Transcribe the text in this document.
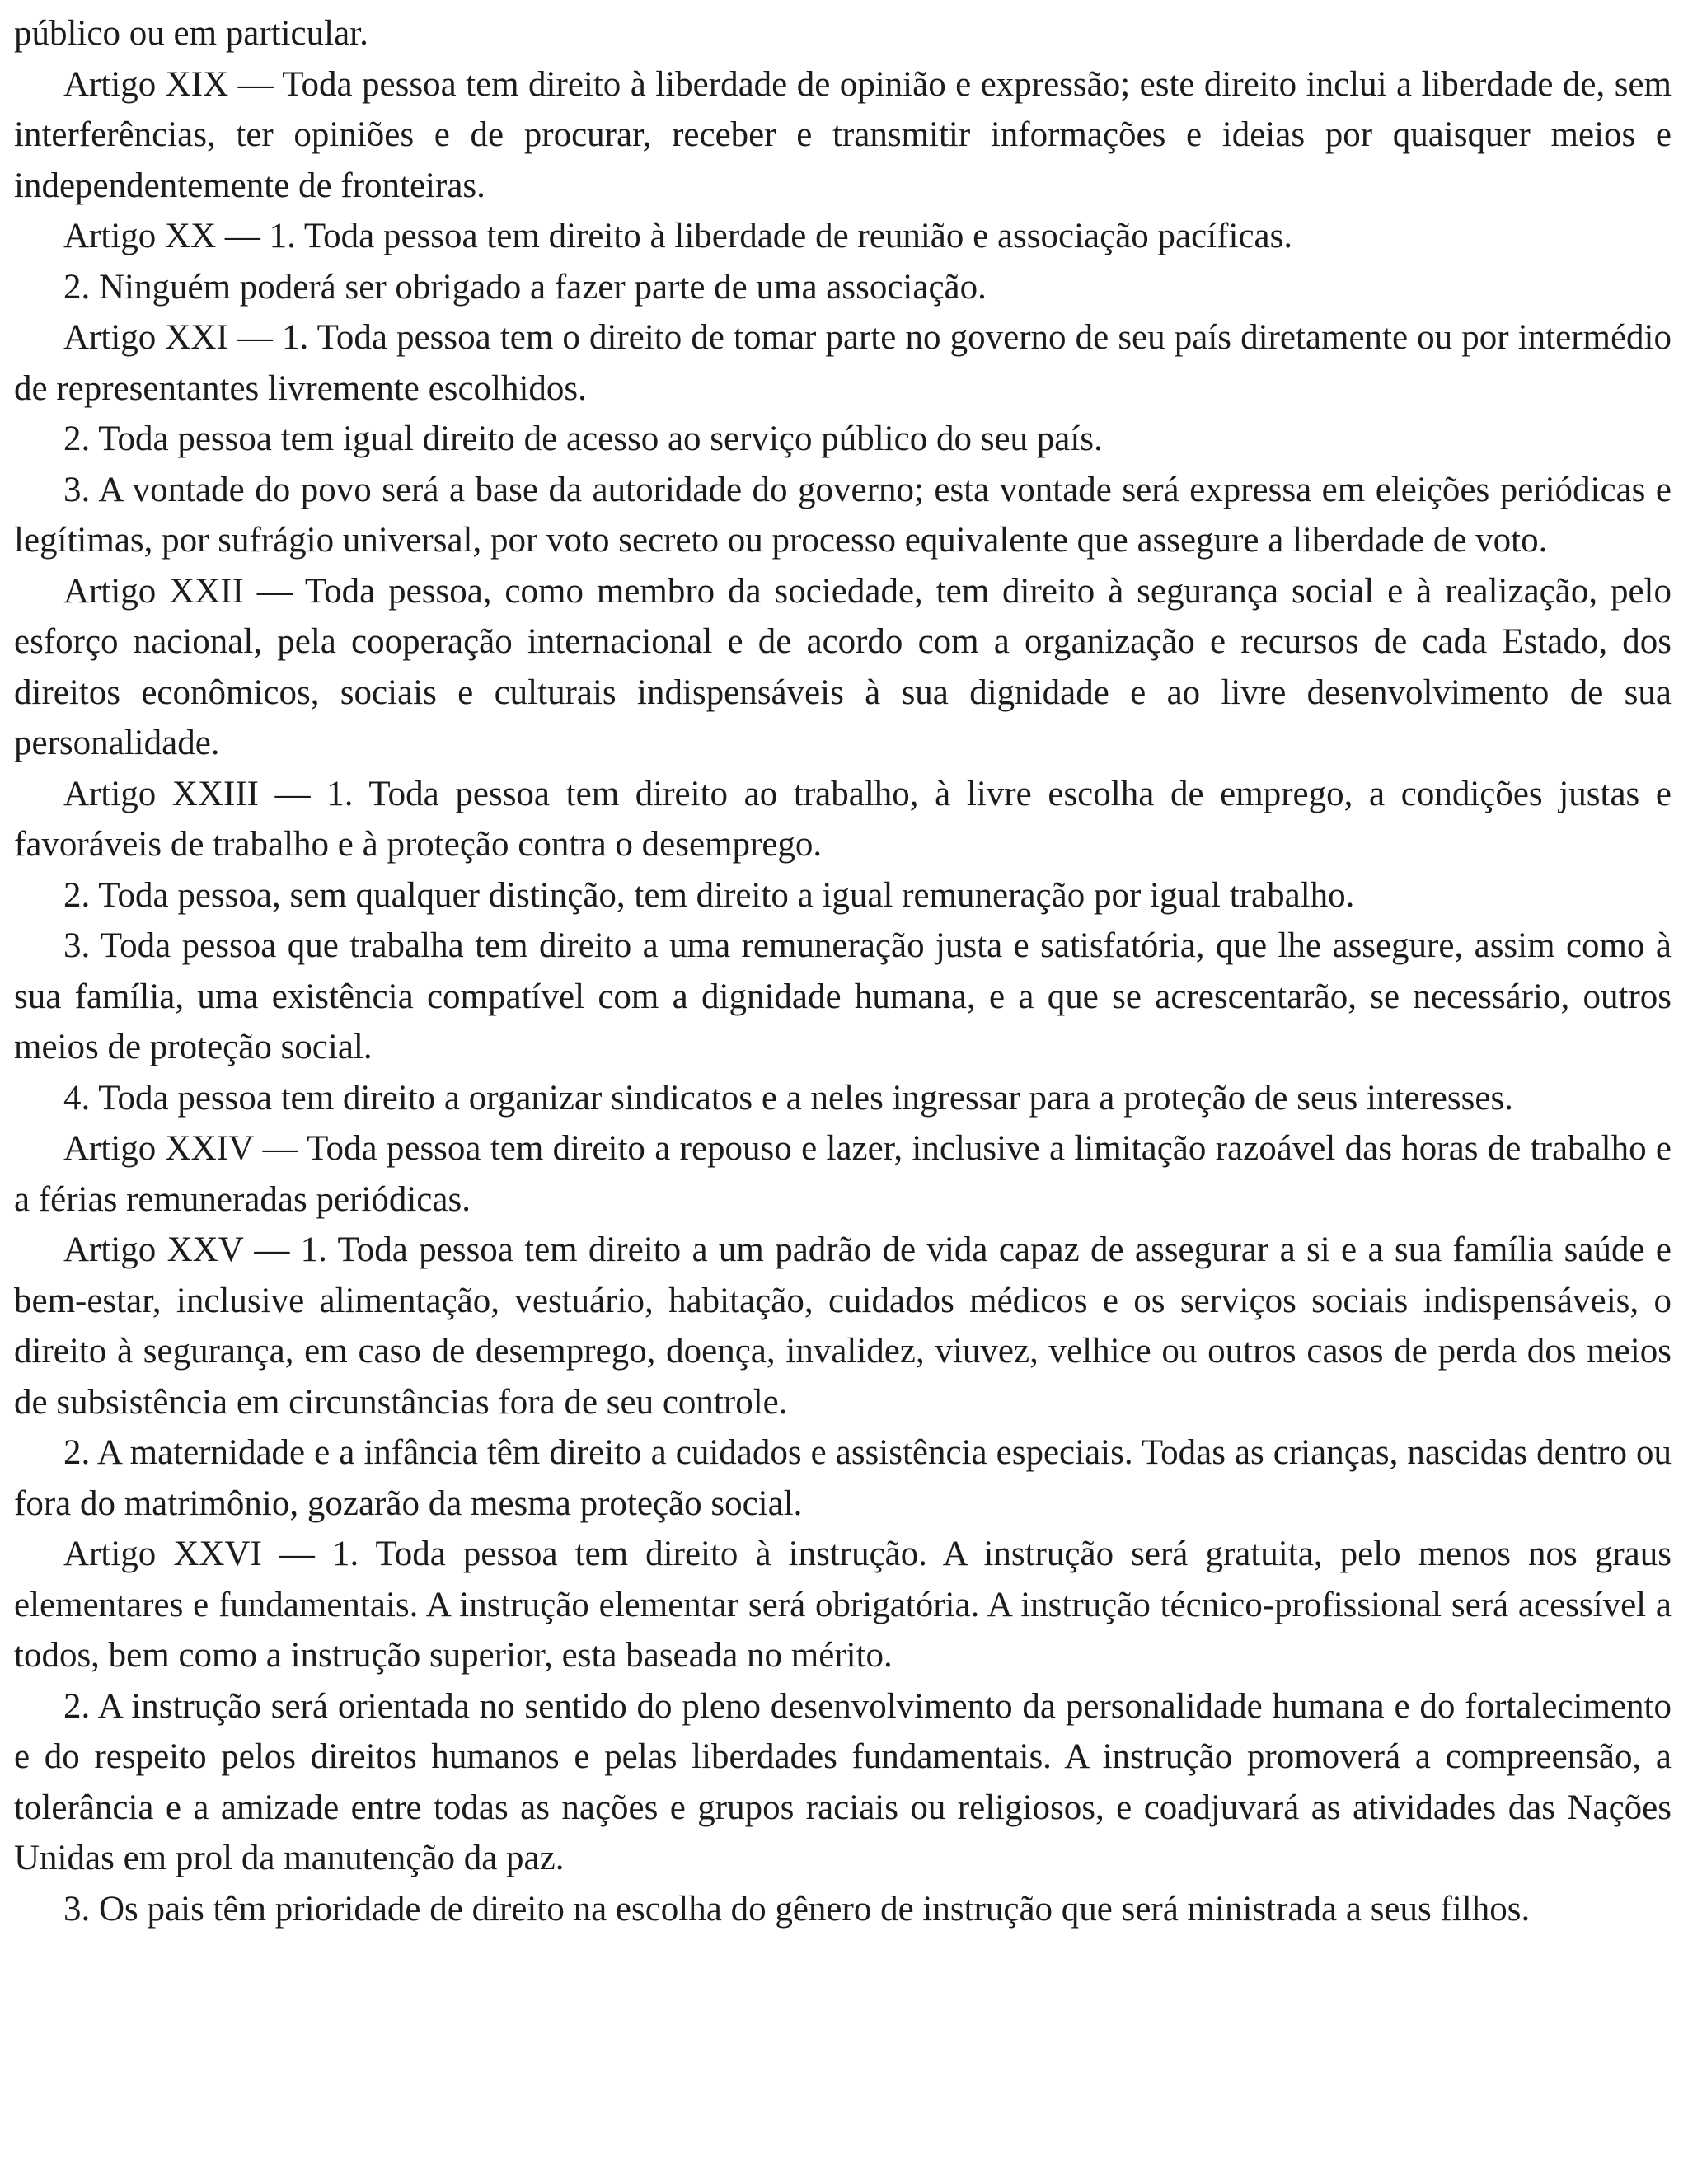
público ou em particular.

Artigo XIX — Toda pessoa tem direito à liberdade de opinião e expressão; este direito inclui a liberdade de, sem interferências, ter opiniões e de procurar, receber e transmitir informações e ideias por quaisquer meios e independentemente de fronteiras.

Artigo XX — 1. Toda pessoa tem direito à liberdade de reunião e associação pacíficas.

2. Ninguém poderá ser obrigado a fazer parte de uma associação.

Artigo XXI — 1. Toda pessoa tem o direito de tomar parte no governo de seu país diretamente ou por intermédio de representantes livremente escolhidos.

2. Toda pessoa tem igual direito de acesso ao serviço público do seu país.

3. A vontade do povo será a base da autoridade do governo; esta vontade será expressa em eleições periódicas e legítimas, por sufrágio universal, por voto secreto ou processo equivalente que assegure a liberdade de voto.

Artigo XXII — Toda pessoa, como membro da sociedade, tem direito à segurança social e à realização, pelo esforço nacional, pela cooperação internacional e de acordo com a organização e recursos de cada Estado, dos direitos econômicos, sociais e culturais indispensáveis à sua dignidade e ao livre desenvolvimento de sua personalidade.

Artigo XXIII — 1. Toda pessoa tem direito ao trabalho, à livre escolha de emprego, a condições justas e favoráveis de trabalho e à proteção contra o desemprego.

2. Toda pessoa, sem qualquer distinção, tem direito a igual remuneração por igual trabalho.

3. Toda pessoa que trabalha tem direito a uma remuneração justa e satisfatória, que lhe assegure, assim como à sua família, uma existência compatível com a dignidade humana, e a que se acrescentarão, se necessário, outros meios de proteção social.

4. Toda pessoa tem direito a organizar sindicatos e a neles ingressar para a proteção de seus interesses.

Artigo XXIV — Toda pessoa tem direito a repouso e lazer, inclusive a limitação razoável das horas de trabalho e a férias remuneradas periódicas.

Artigo XXV — 1. Toda pessoa tem direito a um padrão de vida capaz de assegurar a si e a sua família saúde e bem-estar, inclusive alimentação, vestuário, habitação, cuidados médicos e os serviços sociais indispensáveis, o direito à segurança, em caso de desemprego, doença, invalidez, viuvez, velhice ou outros casos de perda dos meios de subsistência em circunstâncias fora de seu controle.

2. A maternidade e a infância têm direito a cuidados e assistência especiais. Todas as crianças, nascidas dentro ou fora do matrimônio, gozarão da mesma proteção social.

Artigo XXVI — 1. Toda pessoa tem direito à instrução. A instrução será gratuita, pelo menos nos graus elementares e fundamentais. A instrução elementar será obrigatória. A instrução técnico-profissional será acessível a todos, bem como a instrução superior, esta baseada no mérito.

2. A instrução será orientada no sentido do pleno desenvolvimento da personalidade humana e do fortalecimento e do respeito pelos direitos humanos e pelas liberdades fundamentais. A instrução promoverá a compreensão, a tolerância e a amizade entre todas as nações e grupos raciais ou religiosos, e coadjuvará as atividades das Nações Unidas em prol da manutenção da paz.

3. Os pais têm prioridade de direito na escolha do gênero de instrução que será ministrada a seus filhos.
